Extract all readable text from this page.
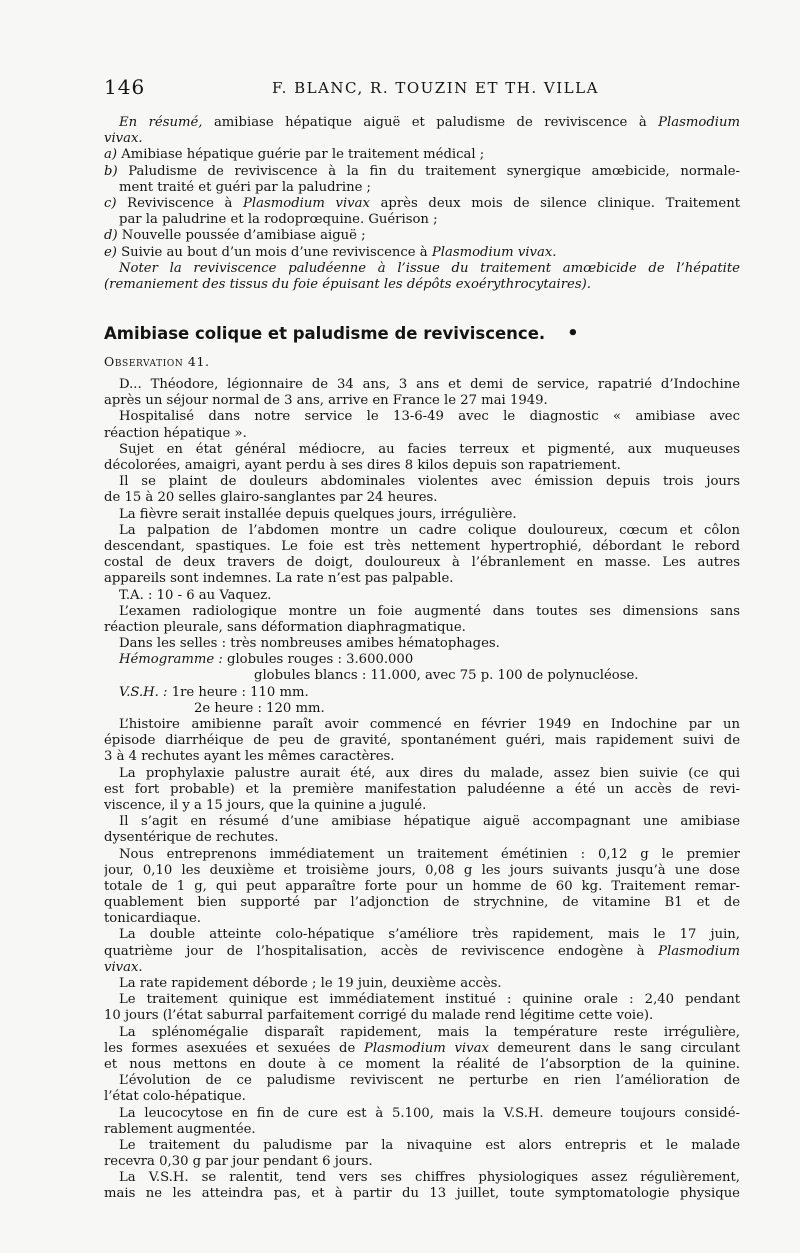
146	F. BLANC, R. TOUZIN ET TH. VILLA
En résumé, amibiase hépatique aiguë et paludisme de reviviscence à Plasmodium
vivax.
a) Amibiase hépatique guérie par le traitement médical ;
b) Paludisme de reviviscence à la fin du traitement synergique amœbicide, normale-
ment traité et guéri par la paludrine ;
c) Reviviscence à Plasmodium vivax après deux mois de silence clinique. Traitement
par la paludrine et la rodoprœquine. Guérison ;
d) Nouvelle poussée d’amibiase aiguë ;
e) Suivie au bout d’un mois d’une reviviscence à Plasmodium vivax.
Noter la reviviscence paludéenne à l’issue du traitement amœbicide de l’hépatite
(remaniement des tissus du foie épuisant les dépôts exoérythrocytaires).
Amibiase colique et paludisme de reviviscence. •
Observation 41.
D... Théodore, légionnaire de 34 ans, 3 ans et demi de service, rapatrié d’Indochine
après un séjour normal de 3 ans, arrive en France le 27 mai 1949.
Hospitalisé dans notre service le 13-6-49 avec le diagnostic « amibiase avec
réaction hépatique ».
Sujet en état général médiocre, au facies terreux et pigmenté, aux muqueuses
décolorées, amaigri, ayant perdu à ses dires 8 kilos depuis son rapatriement.
Il se plaint de douleurs abdominales violentes avec émission depuis trois jours
de 15 à 20 selles glairo-sanglantes par 24 heures.
La fièvre serait installée depuis quelques jours, irrégulière.
La palpation de l’abdomen montre un cadre colique douloureux, cœcum et côlon
descendant, spastiques. Le foie est très nettement hypertrophié, débordant le rebord
costal de deux travers de doigt, douloureux à l’ébranlement en masse. Les autres
appareils sont indemnes. La rate n’est pas palpable.
T.A. : 10 - 6 au Vaquez.
L’examen radiologique montre un foie augmenté dans toutes ses dimensions sans
réaction pleurale, sans déformation diaphragmatique.
Dans les selles : très nombreuses amibes hématophages.
Hémogramme : globules rouges : 3.600.000
globules blancs : 11.000, avec 75 p. 100 de polynucléose.
V.S.H. : 1re heure : 110 mm.
2e heure : 120 mm.
L’histoire amibienne paraît avoir commencé en février 1949 en Indochine par un
épisode diarrhéique de peu de gravité, spontanément guéri, mais rapidement suivi de
3 à 4 rechutes ayant les mêmes caractères.
La prophylaxie palustre aurait été, aux dires du malade, assez bien suivie (ce qui
est fort probable) et la première manifestation paludéenne a été un accès de revi-
viscence, il y a 15 jours, que la quinine a jugulé.
Il s’agit en résumé d’une amibiase hépatique aiguë accompagnant une amibiase
dysentérique de rechutes.
Nous entreprenons immédiatement un traitement émétinien : 0,12 g le premier
jour, 0,10 les deuxième et troisième jours, 0,08 g les jours suivants jusqu’à une dose
totale de 1 g, qui peut apparaître forte pour un homme de 60 kg. Traitement remar-
quablement bien supporté par l’adjonction de strychnine, de vitamine B1 et de
tonicardiaque.
La double atteinte colo-hépatique s’améliore très rapidement, mais le 17 juin,
quatrième jour de l’hospitalisation, accès de reviviscence endogène à Plasmodium
vivax.
La rate rapidement déborde ; le 19 juin, deuxième accès.
Le traitement quinique est immédiatement institué : quinine orale : 2,40 pendant
10 jours (l’état saburral parfaitement corrigé du malade rend légitime cette voie).
La splénomégalie disparaît rapidement, mais la température reste irrégulière,
les formes asexuées et sexuées de Plasmodium vivax demeurent dans le sang circulant
et nous mettons en doute à ce moment la réalité de l’absorption de la quinine.
L’évolution de ce paludisme reviviscent ne perturbe en rien l’amélioration de
l’état colo-hépatique.
La leucocytose en fin de cure est à 5.100, mais la V.S.H. demeure toujours considé-
rablement augmentée.
Le traitement du paludisme par la nivaquine est alors entrepris et le malade
recevra 0,30 g par jour pendant 6 jours.
La V.S.H. se ralentit, tend vers ses chiffres physiologiques assez régulièrement,
mais ne les atteindra pas, et à partir du 13 juillet, toute symptomatologie physique
